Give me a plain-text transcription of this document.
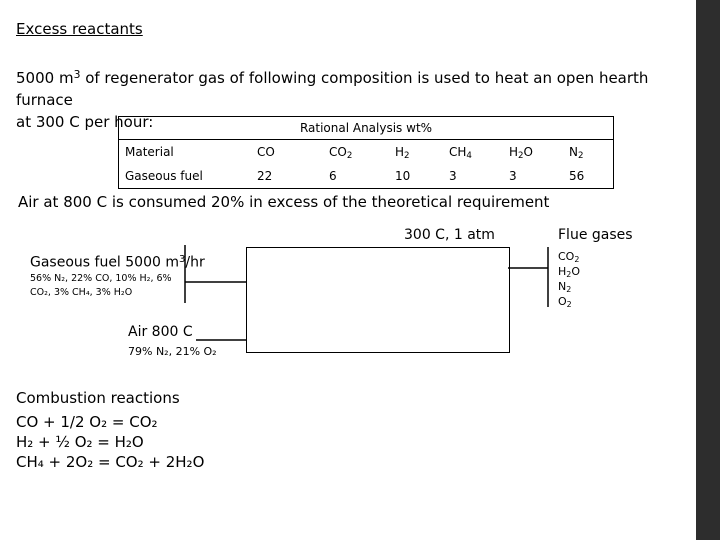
Excess reactants
5000 $m^3$ of regenerator gas of following composition is used to heat an open hearth furnace
at 300 C per hour:	Rational Analysis wt%
Material	CO	$CO_2$	$H_2$	$CH_4$	$H_2O$	$N_2$
Gaseous fuel	22	6	10	3	3	56
Air at 800 C is consumed 20% in excess of the theoretical requirement
300 C, 1 atm	Flue gases
$CO_2$
$H_2O$
$N_2$
$O_2$
Gaseous fuel 5000 $m^3/hr$
56% N₂, 22% CO, 10% H₂, 6% CO₂, 3% CH₄, 3% H₂O
Air 800 C
79% N₂, 21% O₂
Combustion reactions
CO + 1/2 O₂ = CO₂
H₂ + ½ O₂ = H₂O
CH₄ + 2O₂ = CO₂ + 2H₂O
